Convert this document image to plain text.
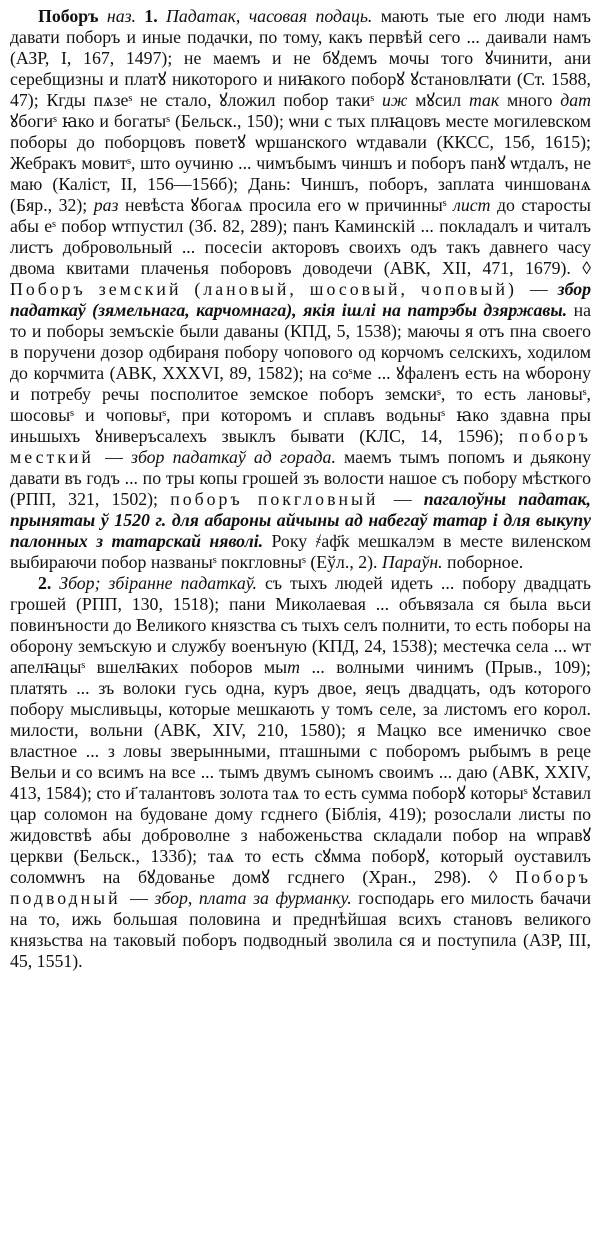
Поборъ наз. 1. Падатак, часовая подаць. мають тые его люди намъ давати поборъ и иные подачки, по тому, какъ первѣй сего ... даивали намъ (АЗР, I, 167, 1497); не маемъ и не бꙋдемъ мочы того ꙋчинити, ани серебщизны и платꙋ никоторого и ниꙗкого поборꙋ ꙋстановлꙗти (Ст. 1588, 47); Кгды пѧзеˢ не стало, ꙋложил побор такиˢ иж мꙋсил так много дат ꙋбогиˢ ꙗко и богатыˢ (Бельск., 150); ѡни с тых плꙗцовъ месте могилевском поборы до поборцовъ поветꙋ ѡршанского ѡтдавали (ККСС, 15б, 1615); Жебракъ мовитˢ, што оучиню ... чимъбымъ чиншъ и поборъ панꙋ ѡтдалъ, не маю (Каліст, II, 156—156б); Дань: Чиншъ, поборъ, заплата чиншованѧ (Бяр., 32); раз невѣста ꙋбогаѧ просила его ѡ причинныˢ лист до старосты абы еˢ побор ѡтпустил (Зб. 82, 289); панъ Каминскій ... покладалъ и читалъ листъ добровольный ... посесіи акторовъ своихъ одъ такъ давнего часу двома квитами плаченья поборовъ доводечи (АВК, XII, 471, 1679). ◊ Поборъ земский (лановый, шосовый, чоповый) — збор падаткаў (зямельнага, карчомнага), якія ішлі на патрэбы дзяржавы. на то и поборы земъскіе были даваны (КПД, 5, 1538); маючы я отъ пна своего в поручени дозор одбираня побору чопового од корчомъ селскихъ, ходилом до корчмита (АВК, XXXVI, 89, 1582); на соˢме ... ꙋфаленъ есть на ѡборону и потребу речы посполитое земское поборъ земскиˢ, то есть лановыˢ, шосовыˢ и чоповыˢ, при которомъ и сплавъ водьныˢ ꙗко здавна пры иньшыхъ ꙋниверъсалехъ звыклъ бывати (КЛС, 14, 1596); поборъ месткий — збор падаткаў ад горада. маемъ тымъ попомъ и дьякону давати въ годъ ... по тры копы грошей зъ волости нашое съ побору мѣсткого (РПП, 321, 1502); поборъ покгловный — пагалоўны падатак, прынятaы ў 1520 г. для абароны айчыны ад набегаў татар і для выкупу палонных з татарскай няволі. Року ҂аф҃к мешкалэм в месте виленском выбираючи побор названыˢ покгловныˢ (Еўл., 2). Параўн. поборное.

2. Збор; збіранне падаткаў. съ тыхъ людей идеть ... побору двадцать грошей (РПП, 130, 1518); пани Миколаевая ... объвязала ся была вьси повинъности до Великого князства съ тыхъ селъ полнити, то есть поборы на оборону земъскую и службу военъную (КПД, 24, 1538); местечка села ... ѡт апелꙗцыˢ вшелꙗких поборов мыт ... волными чинимъ (Прыв., 109); платять ... зъ волоки гусь одна, куръ двое, яецъ двадцать, одъ которого побору мысливьцы, которые мешкають у томъ селе, за листомъ его корол. милости, вольни (АВК, XIV, 210, 1580); я Мацко все именичко свое властное ... з ловы зверынными, пташными с поборомъ рыбымъ в реце Вельи и со всимъ на все ... тымъ двумъ сыномъ своимъ ... даю (АВК, XXIV, 413, 1584); сто и҃ талантовъ золота таѧ то есть сумма поборꙋ которыˢ ꙋставил цар соломон на будоване дому гсднего (Біблія, 419); розослали листы по жидовствѣ абы доброволне з набоженьства складали побор на ѡправꙋ церкви (Бельск., 133б); таѧ то есть сꙋмма поборꙋ, который оуставилъ соломѡнъ на бꙋдованье домꙋ гсднего (Хран., 298). ◊ Поборъ подводный — збор, плата за фурманку. господарь его милость бачачи на то, ижь большая половина и преднѣйшая всихъ становъ великого князьства на таковый поборъ подводный зволила ся и поступила (АЗР, III, 45, 1551).
